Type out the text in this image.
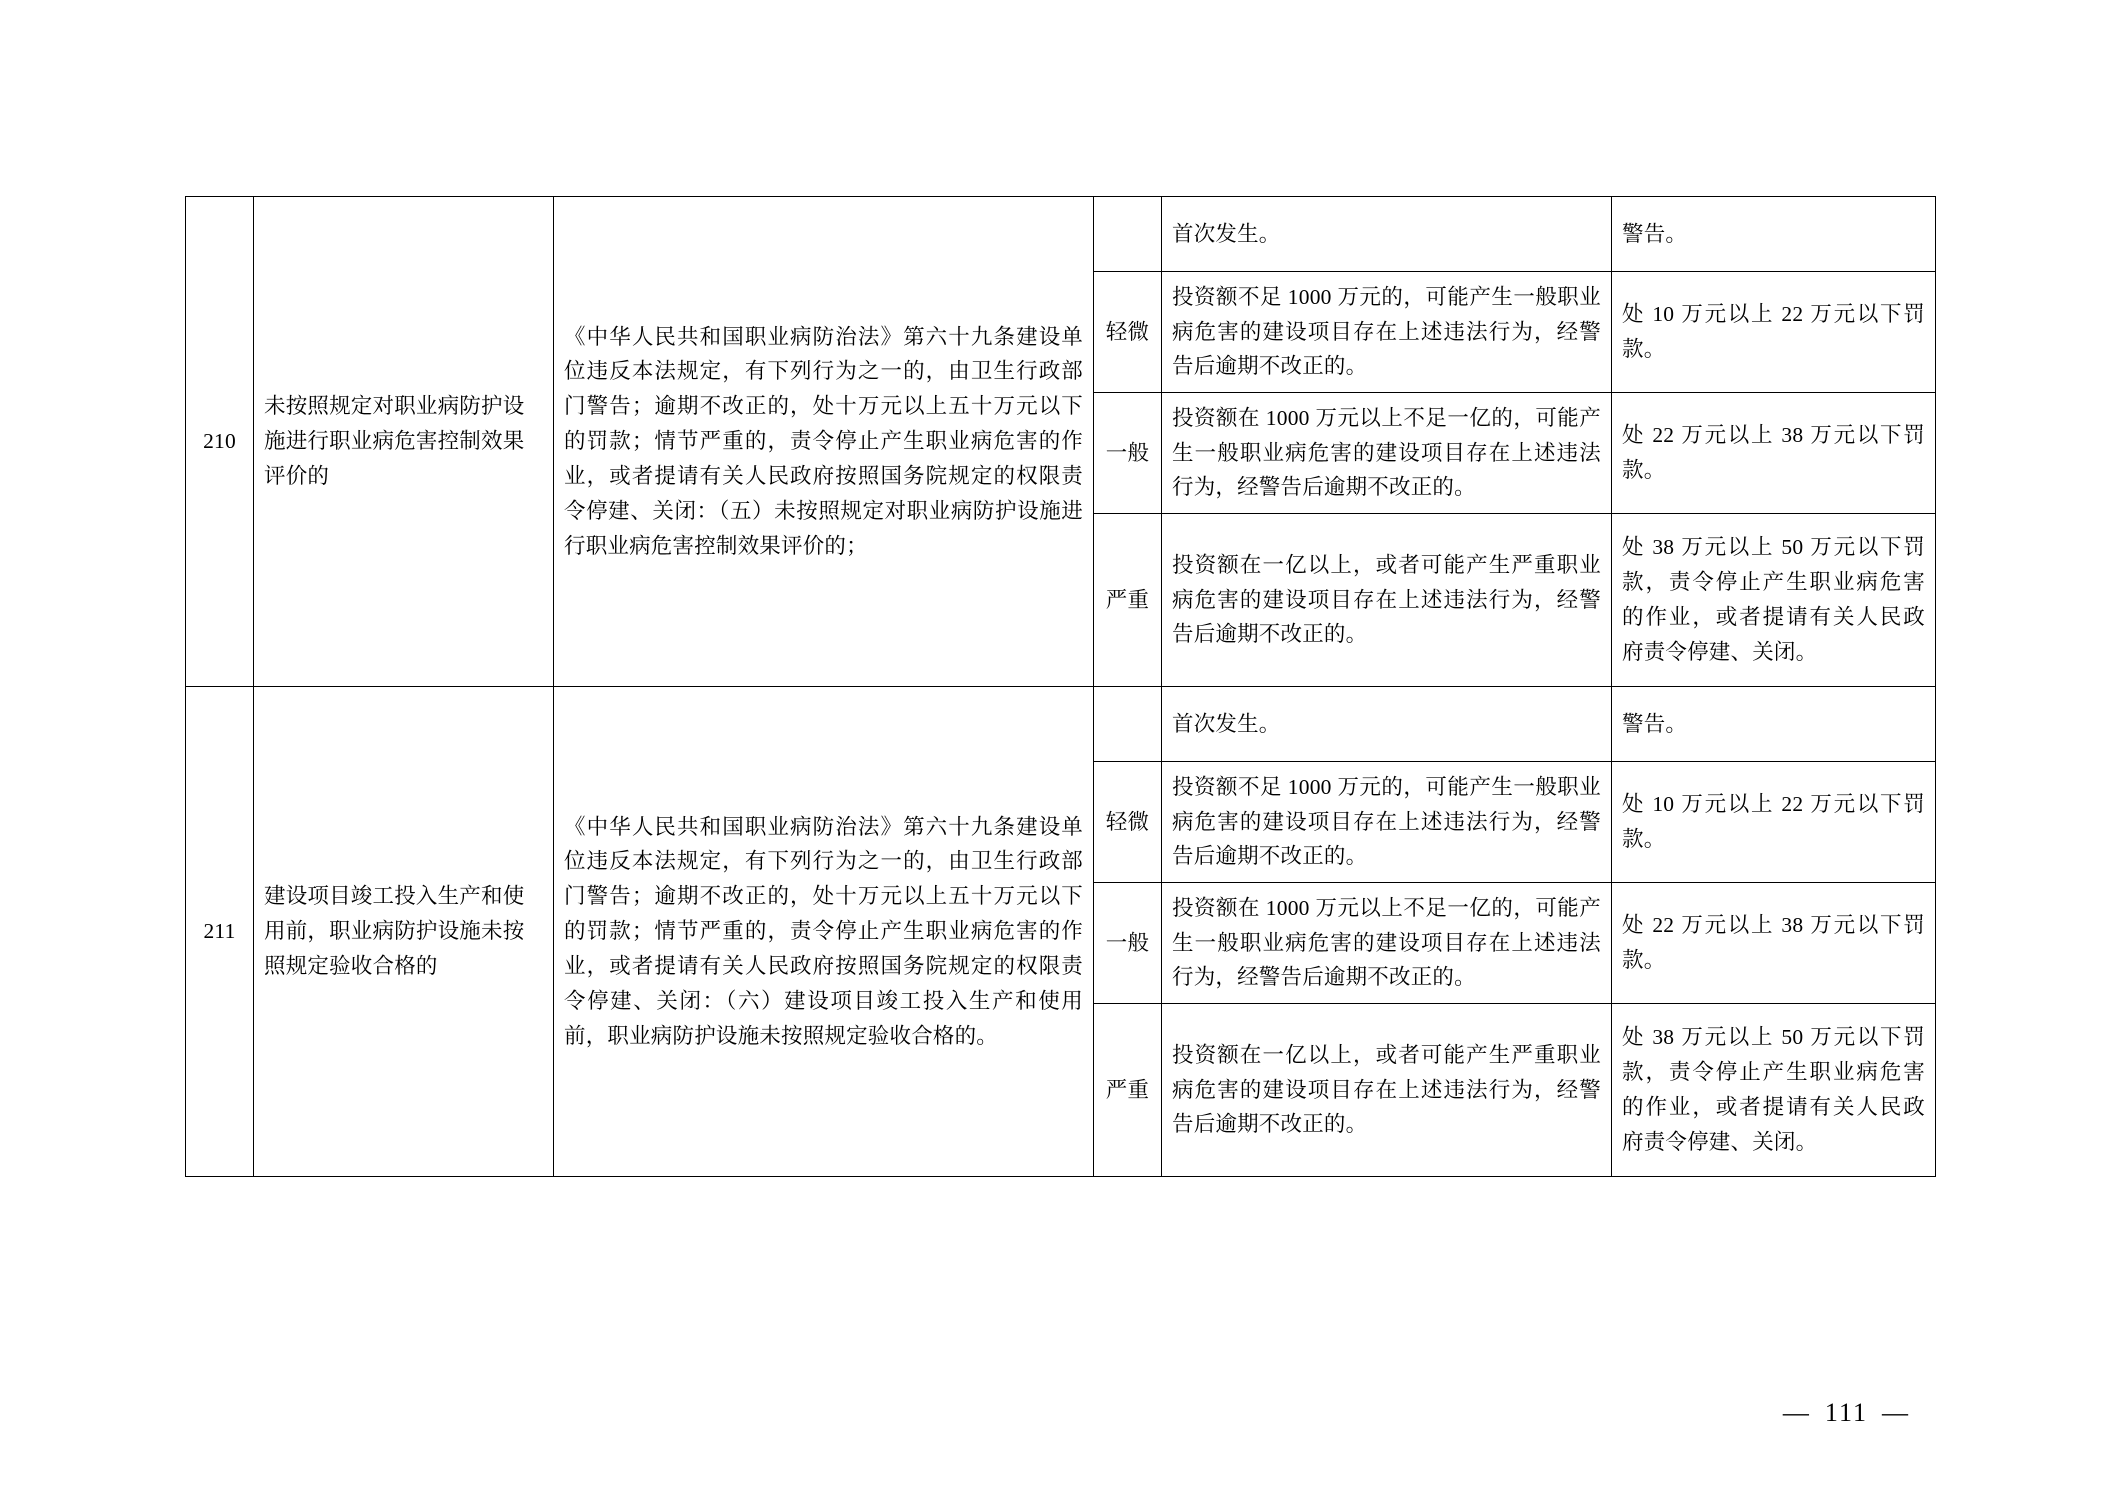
210	未按照规定对职业病防护设施进行职业病危害控制效果评价的	《中华人民共和国职业病防治法》第六十九条建设单位违反本法规定，有下列行为之一的，由卫生行政部门警告；逾期不改正的，处十万元以上五十万元以下的罚款；情节严重的，责令停止产生职业病危害的作业，或者提请有关人民政府按照国务院规定的权限责令停建、关闭：（五）未按照规定对职业病防护设施进行职业病危害控制效果评价的；		首次发生。	警告。
			轻微	投资额不足 1000 万元的，可能产生一般职业病危害的建设项目存在上述违法行为，经警告后逾期不改正的。	处 10 万元以上 22 万元以下罚款。
			一般	投资额在 1000 万元以上不足一亿的，可能产生一般职业病危害的建设项目存在上述违法行为，经警告后逾期不改正的。	处 22 万元以上 38 万元以下罚款。
			严重	投资额在一亿以上，或者可能产生严重职业病危害的建设项目存在上述违法行为，经警告后逾期不改正的。	处 38 万元以上 50 万元以下罚款，责令停止产生职业病危害的作业，或者提请有关人民政府责令停建、关闭。
211	建设项目竣工投入生产和使用前，职业病防护设施未按照规定验收合格的	《中华人民共和国职业病防治法》第六十九条建设单位违反本法规定，有下列行为之一的，由卫生行政部门警告；逾期不改正的，处十万元以上五十万元以下的罚款；情节严重的，责令停止产生职业病危害的作业，或者提请有关人民政府按照国务院规定的权限责令停建、关闭：（六）建设项目竣工投入生产和使用前，职业病防护设施未按照规定验收合格的。		首次发生。	警告。
			轻微	投资额不足 1000 万元的，可能产生一般职业病危害的建设项目存在上述违法行为，经警告后逾期不改正的。	处 10 万元以上 22 万元以下罚款。
			一般	投资额在 1000 万元以上不足一亿的，可能产生一般职业病危害的建设项目存在上述违法行为，经警告后逾期不改正的。	处 22 万元以上 38 万元以下罚款。
			严重	投资额在一亿以上，或者可能产生严重职业病危害的建设项目存在上述违法行为，经警告后逾期不改正的。	处 38 万元以上 50 万元以下罚款，责令停止产生职业病危害的作业，或者提请有关人民政府责令停建、关闭。
— 111 —
